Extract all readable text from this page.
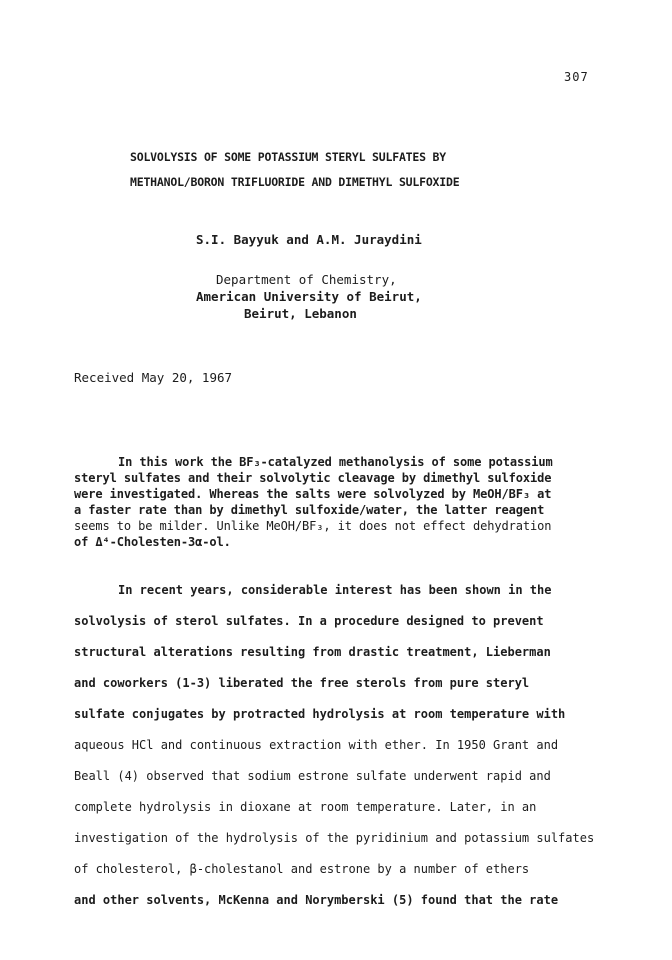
307
SOLVOLYSIS OF SOME POTASSIUM STERYL SULFATES BY
METHANOL/BORON TRIFLUORIDE AND DIMETHYL SULFOXIDE
S.I. Bayyuk and A.M. Juraydini
Department of Chemistry,
American University of Beirut,
Beirut, Lebanon
Received May 20, 1967
In this work the BF₃-catalyzed methanolysis of some potassium
steryl sulfates and their solvolytic cleavage by dimethyl sulfoxide
were investigated. Whereas the salts were solvolyzed by MeOH/BF₃ at
a faster rate than by dimethyl sulfoxide/water, the latter reagent
seems to be milder. Unlike MeOH/BF₃, it does not effect dehydration
of Δ⁴-Cholesten-3α-ol.
In recent years, considerable interest has been shown in the
solvolysis of sterol sulfates. In a procedure designed to prevent
structural alterations resulting from drastic treatment, Lieberman
and coworkers (1-3) liberated the free sterols from pure steryl
sulfate conjugates by protracted hydrolysis at room temperature with
aqueous HCl and continuous extraction with ether. In 1950 Grant and
Beall (4) observed that sodium estrone sulfate underwent rapid and
complete hydrolysis in dioxane at room temperature. Later, in an
investigation of the hydrolysis of the pyridinium and potassium sulfates
of cholesterol, β-cholestanol and estrone by a number of ethers
and other solvents, McKenna and Norymberski (5) found that the rate
